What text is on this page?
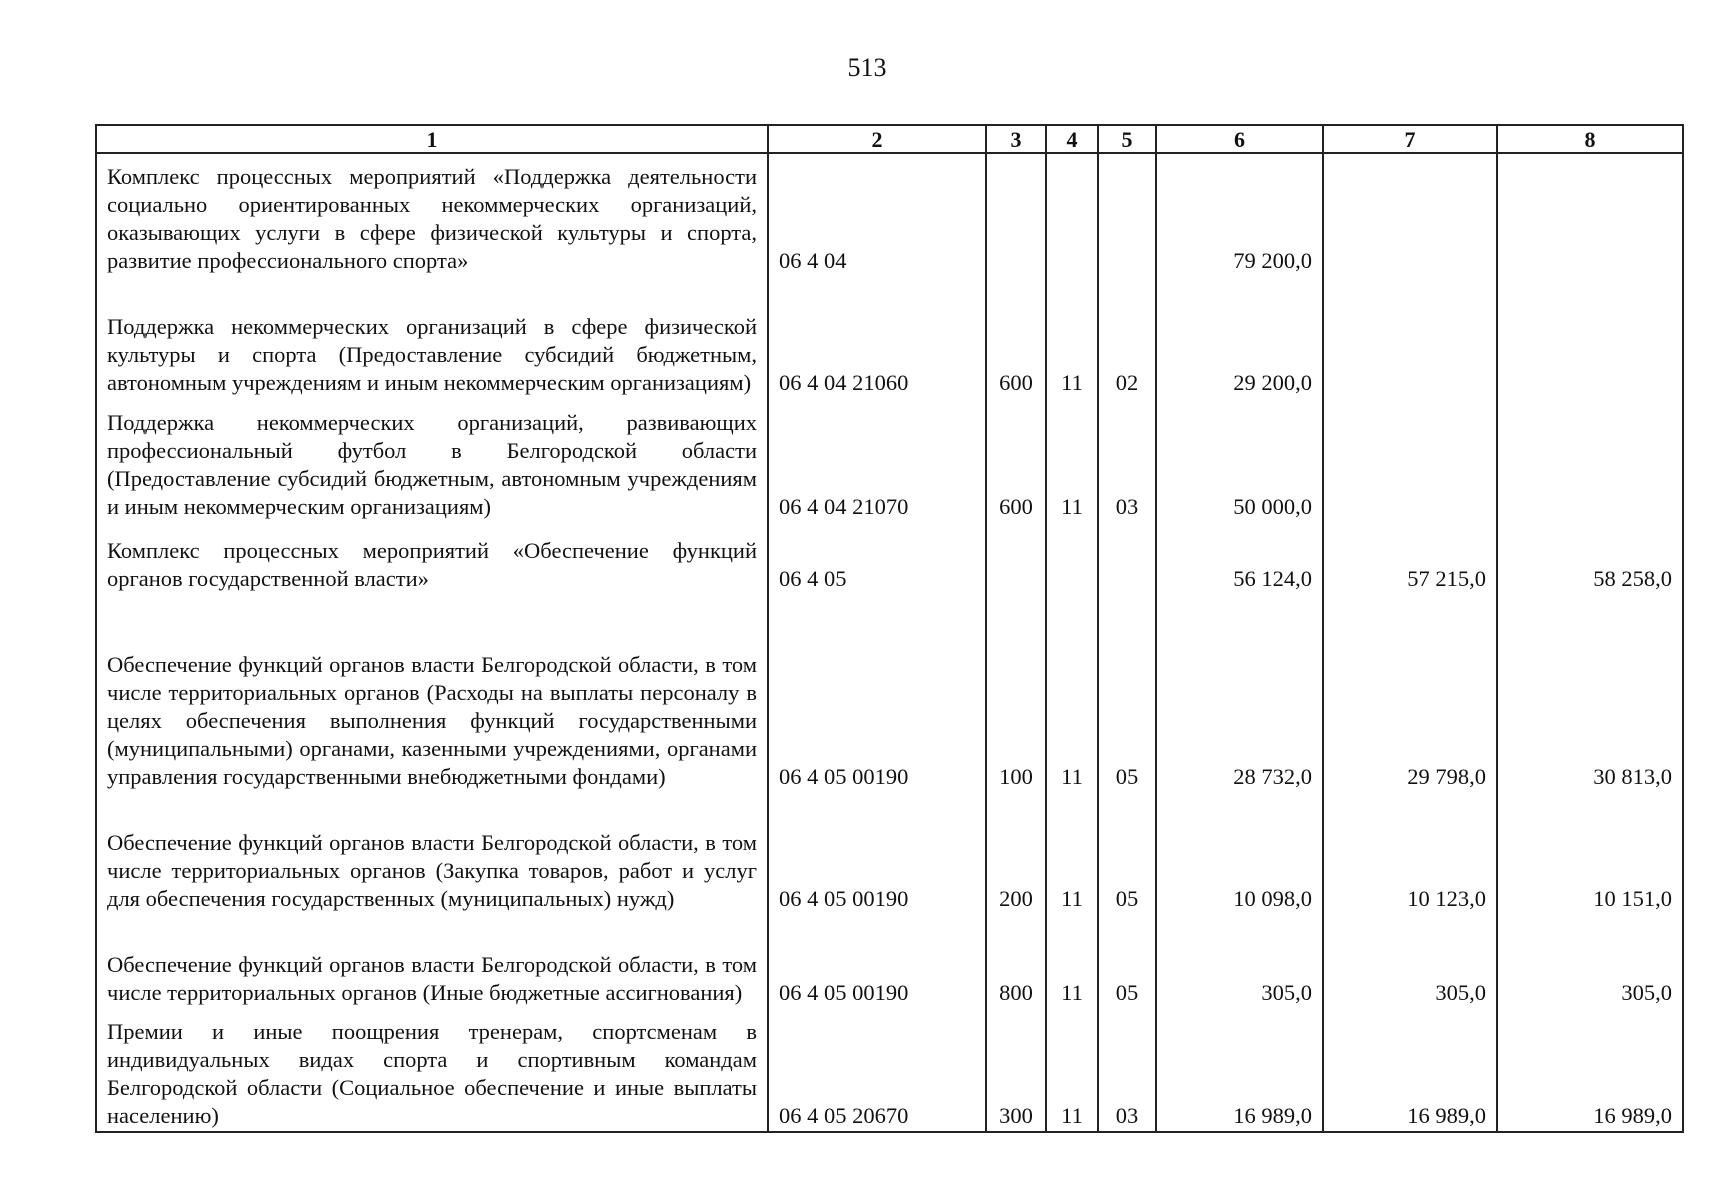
513
1	2	3	4	5	6	7	8
Комплекс процессных мероприятий «Поддержка деятельности социально ориентированных некоммерческих организаций, оказывающих услуги в сфере физической культуры и спорта, развитие профессионального спорта»	06 4 04				79 200,0		
Поддержка некоммерческих организаций в сфере физической культуры и спорта (Предоставление субсидий бюджетным, автономным учреждениям и иным некоммерческим организациям)	06 4 04 21060	600	11	02	29 200,0		
Поддержка некоммерческих организаций, развивающих профессиональный футбол в Белгородской области (Предоставление субсидий бюджетным, автономным учреждениям и иным некоммерческим организациям)	06 4 04 21070	600	11	03	50 000,0		
Комплекс процессных мероприятий «Обеспечение функций органов государственной власти»	06 4 05				56 124,0	57 215,0	58 258,0
Обеспечение функций органов власти Белгородской области, в том числе территориальных органов (Расходы на выплаты персоналу в целях обеспечения выполнения функций государственными (муниципальными) органами, казенными учреждениями, органами управления государственными внебюджетными фондами)	06 4 05 00190	100	11	05	28 732,0	29 798,0	30 813,0
Обеспечение функций органов власти Белгородской области, в том числе территориальных органов (Закупка товаров, работ и услуг для обеспечения государственных (муниципальных) нужд)	06 4 05 00190	200	11	05	10 098,0	10 123,0	10 151,0
Обеспечение функций органов власти Белгородской области, в том числе территориальных органов (Иные бюджетные ассигнования)	06 4 05 00190	800	11	05	305,0	305,0	305,0
Премии и иные поощрения тренерам, спортсменам в индивидуальных видах спорта и спортивным командам Белгородской области (Социальное обеспечение и иные выплаты населению)	06 4 05 20670	300	11	03	16 989,0	16 989,0	16 989,0
